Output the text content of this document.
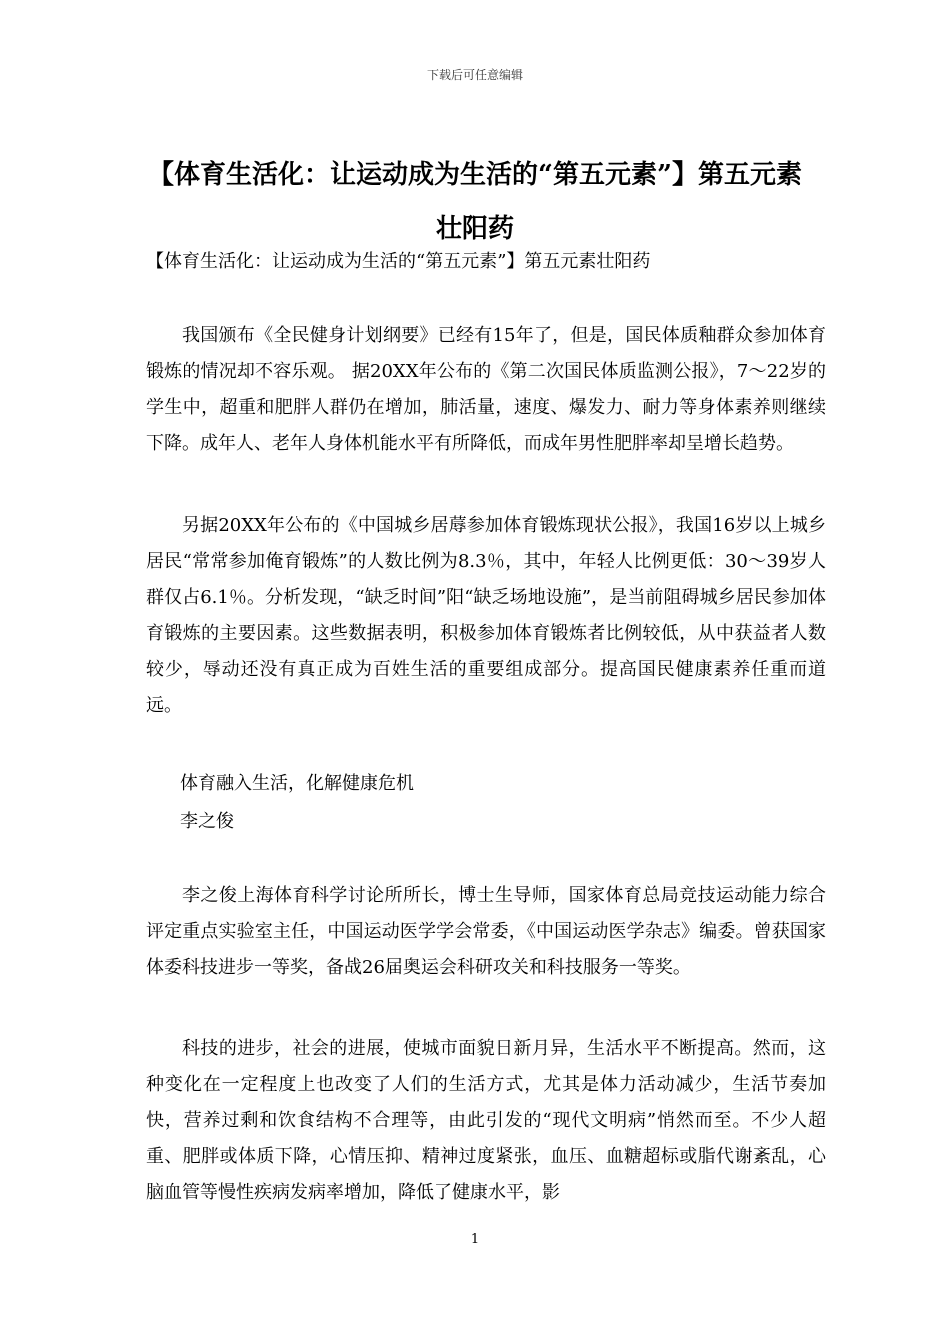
下载后可任意编辑
【体育生活化：让运动成为生活的“第五元素”】第五元素壮阳药
【体育生活化：让运动成为生活的“第五元素”】第五元素壮阳药

我国颁布《全民健身计划纲要》已经有15年了，但是，国民体质釉群众参加体育锻炼的情况却不容乐观。 据20XX年公布的《第二次国民体质监测公报》，7～22岁的学生中，超重和肥胖人群仍在增加，肺活量，速度、爆发力、耐力等身体素养则继续下降。成年人、老年人身体机能水平有所降低，而成年男性肥胖率却呈增长趋势。

另据20XX年公布的《中国城乡居蓐参加体育锻炼现状公报》，我国16岁以上城乡居民“常常参加俺育锻炼”的人数比例为8.3％，其中，年轻人比例更低：30～39岁人群仅占6.1％。分析发现，“缺乏时间”阳“缺乏场地设施”，是当前阻碍城乡居民参加体育锻炼的主要因素。这些数据表明，积极参加体育锻炼者比例较低，从中获益者人数较少，辱动还没有真正成为百姓生活的重要组成部分。提高国民健康素养任重而道远。

体育融入生活，化解健康危机
李之俊

李之俊上海体育科学讨论所所长，博士生导师，国家体育总局竞技运动能力综合评定重点实验室主任，中国运动医学学会常委，《中国运动医学杂志》编委。曾获国家体委科技进步一等奖，备战26届奥运会科研攻关和科技服务一等奖。

科技的进步，社会的进展，使城市面貌日新月异，生活水平不断提高。然而，这种变化在一定程度上也改变了人们的生活方式，尤其是体力活动减少，生活节奏加快，营养过剩和饮食结构不合理等，由此引发的“现代文明病”悄然而至。不少人超重、肥胖或体质下降，心情压抑、精神过度紧张，血压、血糖超标或脂代谢紊乱，心脑血管等慢性疾病发病率增加，降低了健康水平，影

1
